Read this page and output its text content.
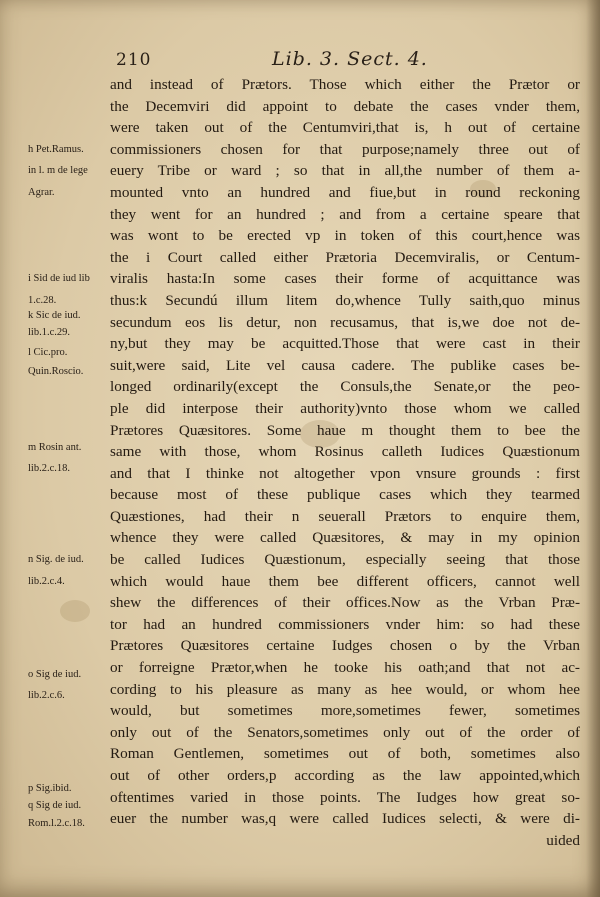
210	Lib. 3. Sect. 4.
h Pet.Ramus.
in l. m de lege
Agrar.
i Sid de iud lib
1.c.28.
k Sic de iud.
lib.1.c.29.
l Cic.pro.
Quin.Roscio.
m Rosin ant.
lib.2.c.18.
n Sig. de iud.
lib.2.c.4.
o Sig de iud.
lib.2.c.6.
p Sig.ibid.
q Sig de iud.
Rom.l.2.c.18.
and instead of Prætors. Those which either the Prætor or
the Decemviri did appoint to debate the cases vnder them,
were taken out of the Centumviri,that is, h out of certaine
commissioners chosen for that purpose;namely three out of
euery Tribe or ward ; so that in all,the number of them a-
mounted vnto an hundred and fiue,but in round reckoning
they went for an hundred ; and from a certaine speare that
was wont to be erected vp in token of this court,hence was
the i Court called either Prætoria Decemviralis, or Centum-
viralis hasta:In some cases their forme of acquittance was
thus:k Secundú illum litem do,whence Tully saith,quo minus
secundum eos lis detur, non recusamus, that is,we doe not de-
ny,but they may be acquitted.Those that were cast in their
suit,were said, Lite vel causa cadere. The publike cases be-
longed ordinarily(except the Consuls,the Senate,or the peo-
ple did interpose their authority)vnto those whom we called
Prætores Quæsitores. Some haue m thought them to bee the
same with those, whom Rosinus calleth Iudices Quæstionum
and that I thinke not altogether vpon vnsure grounds : first
because most of these publique cases which they tearmed
Quæstiones, had their n seuerall Prætors to enquire them,
whence they were called Quæsitores, & may in my opinion
be called Iudices Quæstionum, especially seeing that those
which would haue them bee different officers, cannot well
shew the differences of their offices.Now as the Vrban Præ-
tor had an hundred commissioners vnder him: so had these
Prætores Quæsitores certaine Iudges chosen o by the Vrban
or forreigne Prætor,when he tooke his oath;and that not ac-
cording to his pleasure as many as hee would, or whom hee
would, but sometimes more,sometimes fewer, sometimes
only out of the Senators,sometimes only out of the order of
Roman Gentlemen, sometimes out of both, sometimes also
out of other orders,p according as the law appointed,which
oftentimes varied in those points. The Iudges how great so-
euer the number was,q were called Iudices selecti, & were di-
uided
